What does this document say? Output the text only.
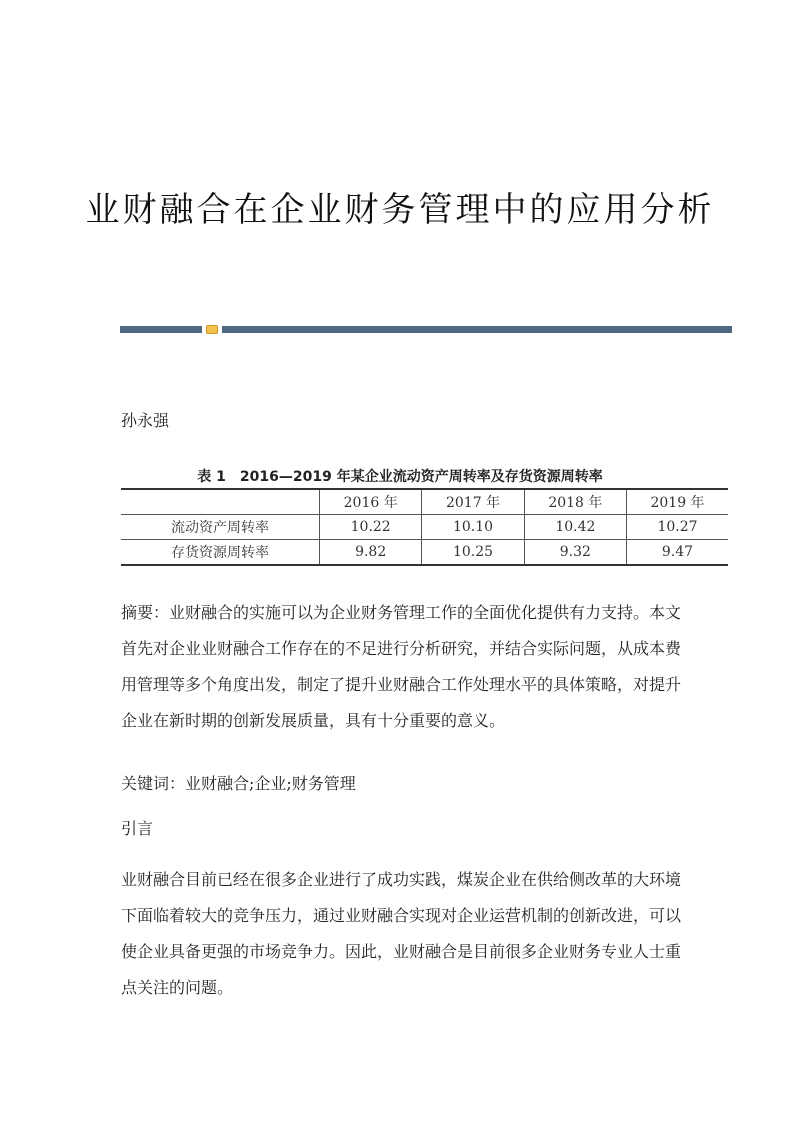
业财融合在企业财务管理中的应用分析
孙永强
表 1　2016—2019 年某企业流动资产周转率及存货资源周转率
	2016 年	2017 年	2018 年	2019 年
流动资产周转率	10.22	10.10	10.42	10.27
存货资源周转率	9.82	10.25	9.32	9.47
摘要：业财融合的实施可以为企业财务管理工作的全面优化提供有力支持。本文首先对企业业财融合工作存在的不足进行分析研究，并结合实际问题，从成本费用管理等多个角度出发，制定了提升业财融合工作处理水平的具体策略，对提升企业在新时期的创新发展质量，具有十分重要的意义。
关键词：业财融合;企业;财务管理
引言
业财融合目前已经在很多企业进行了成功实践，煤炭企业在供给侧改革的大环境下面临着较大的竞争压力，通过业财融合实现对企业运营机制的创新改进，可以使企业具备更强的市场竞争力。因此，业财融合是目前很多企业财务专业人士重点关注的问题。
